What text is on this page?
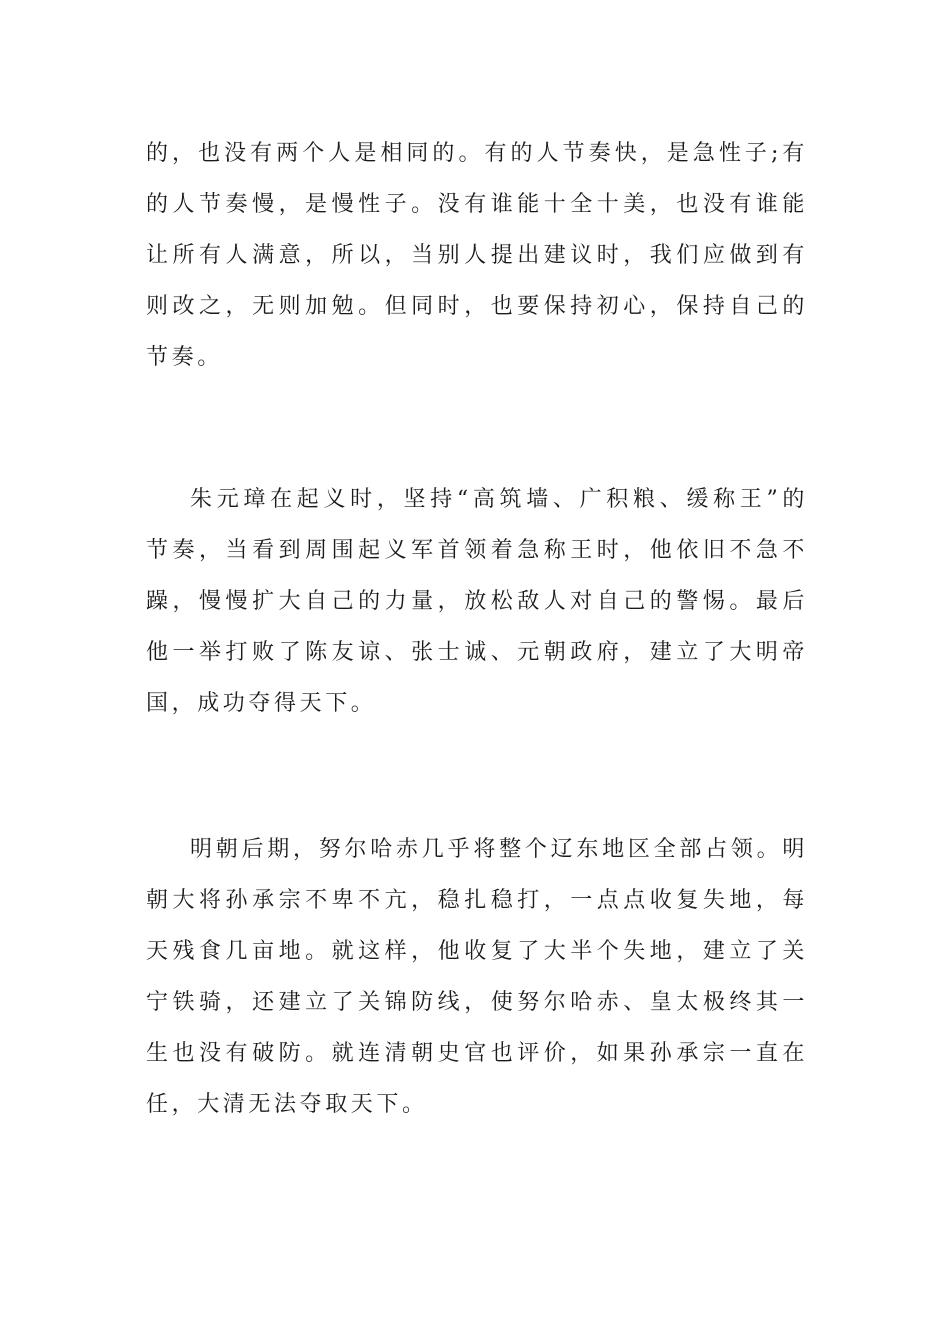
的，也没有两个人是相同的。有的人节奏快，是急性子;有的人节奏慢，是慢性子。没有谁能十全十美，也没有谁能让所有人满意，所以，当别人提出建议时，我们应做到有则改之，无则加勉。但同时，也要保持初心，保持自己的节奏。

朱元璋在起义时，坚持“高筑墙、广积粮、缓称王”的节奏，当看到周围起义军首领着急称王时，他依旧不急不躁，慢慢扩大自己的力量，放松敌人对自己的警惕。最后他一举打败了陈友谅、张士诚、元朝政府，建立了大明帝国，成功夺得天下。

明朝后期，努尔哈赤几乎将整个辽东地区全部占领。明朝大将孙承宗不卑不亢，稳扎稳打，一点点收复失地，每天残食几亩地。就这样，他收复了大半个失地，建立了关宁铁骑，还建立了关锦防线，使努尔哈赤、皇太极终其一生也没有破防。就连清朝史官也评价，如果孙承宗一直在任，大清无法夺取天下。
